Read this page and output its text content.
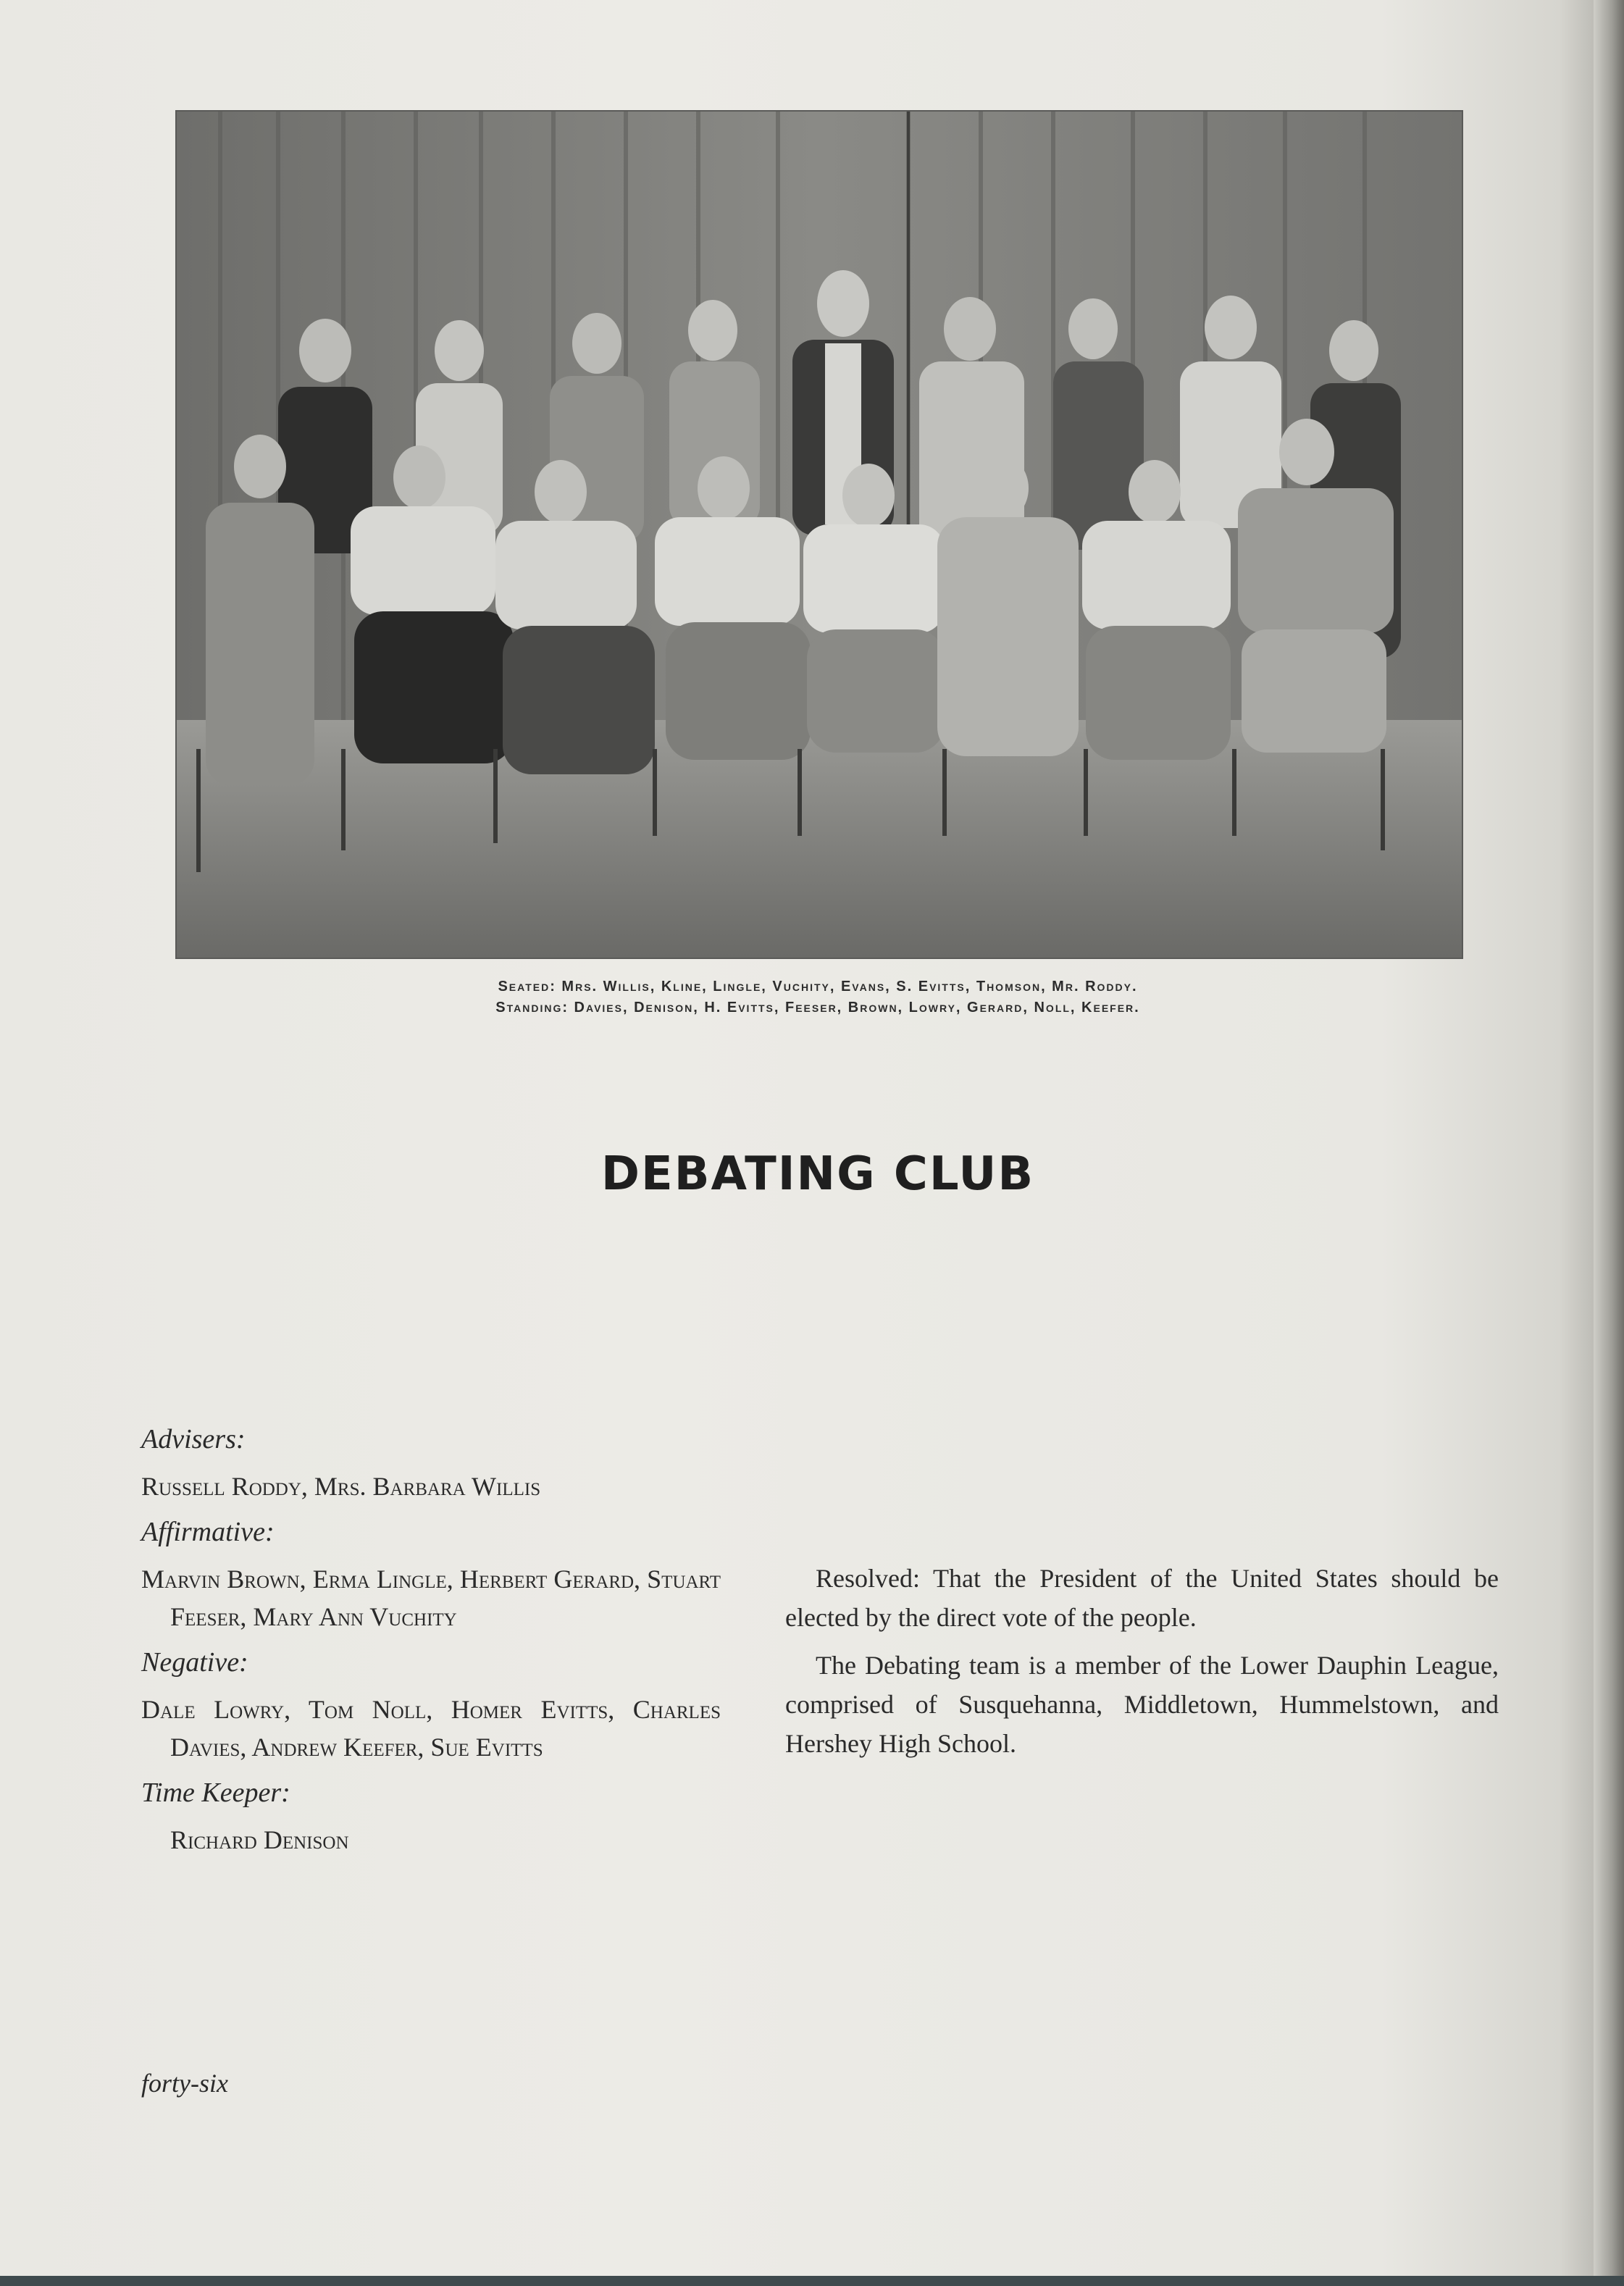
Seated: Mrs. Willis, Kline, Lingle, Vuchity, Evans, S. Evitts, Thomson, Mr. Roddy.
Standing: Davies, Denison, H. Evitts, Feeser, Brown, Lowry, Gerard, Noll, Keefer.
DEBATING CLUB
Advisers:
Russell Roddy, Mrs. Barbara Willis
Affirmative:
Marvin Brown, Erma Lingle, Herbert Gerard, Stuart Feeser, Mary Ann Vuchity
Negative:
Dale Lowry, Tom Noll, Homer Evitts, Charles Davies, Andrew Keefer, Sue Evitts
Time Keeper:
Richard Denison

Resolved: That the President of the United States should be elected by the direct vote of the people.

The Debating team is a member of the Lower Dauphin League, comprised of Susquehanna, Middletown, Hummelstown, and Hershey High School.

forty-six
